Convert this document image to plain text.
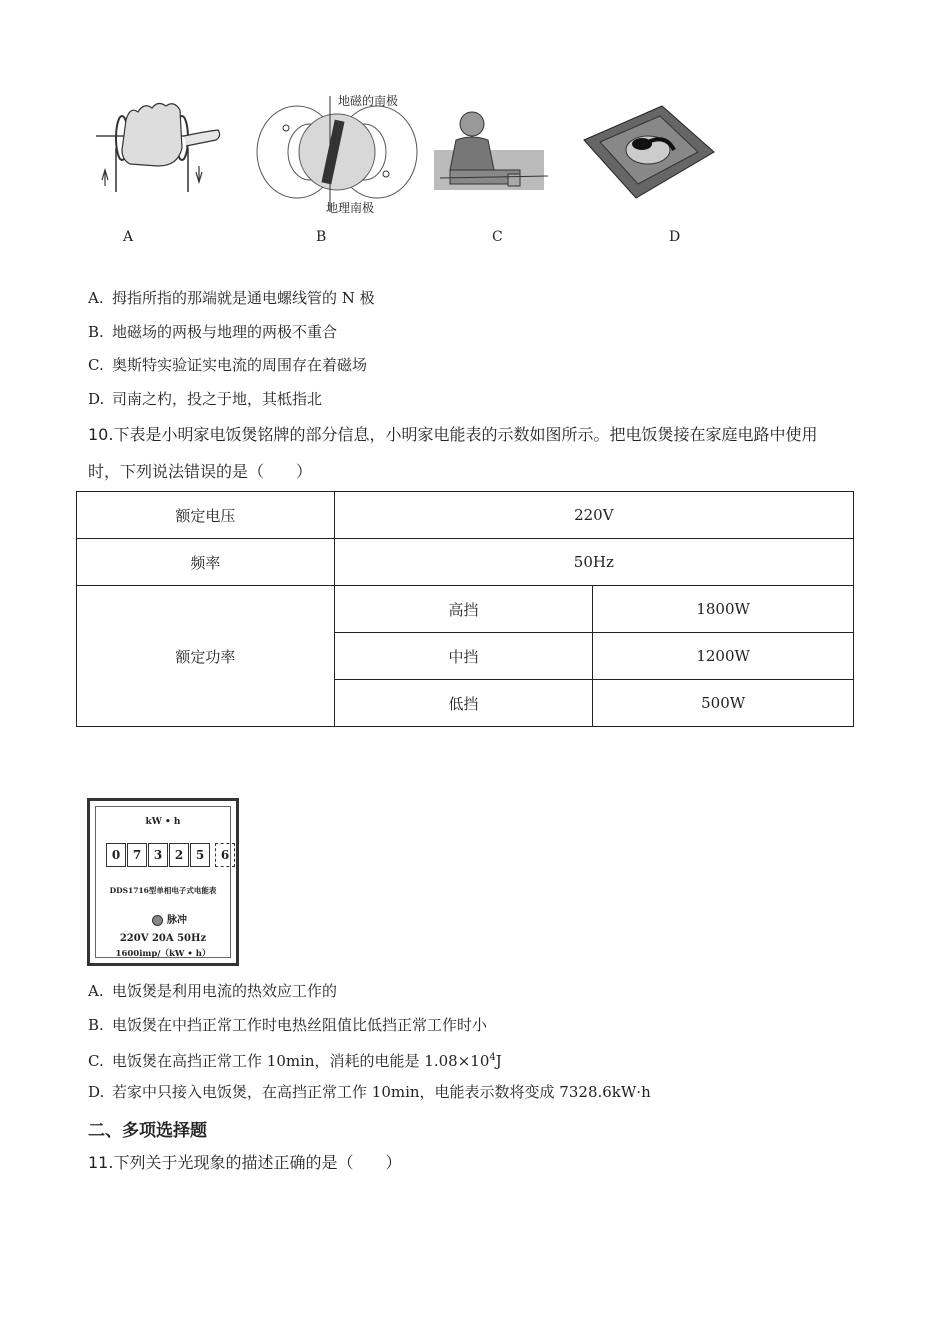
A
地磁的南极
地理南极
B	C	D
A. 拇指所指的那端就是通电螺线管的 N 极
B. 地磁场的两极与地理的两极不重合
C. 奥斯特实验证实电流的周围存在着磁场
D. 司南之杓，投之于地，其柢指北
10.下表是小明家电饭煲铭牌的部分信息，小明家电能表的示数如图所示。把电饭煲接在家庭电路中使用
时，下列说法错误的是（　　）
额定电压	220V	
频率	50Hz	
额定功率	高挡	1800W
	中挡	1200W
	低挡	500W
kW • h
0	7	3	2	5	6
DDS1716型单相电子式电能表
脉冲
220V 20A 50Hz
1600imp/（kW • h）
A. 电饭煲是利用电流的热效应工作的
B. 电饭煲在中挡正常工作时电热丝阻值比低挡正常工作时小
C. 电饭煲在高挡正常工作 10min，消耗的电能是 $1.08\times 10^4J$
D. 若家中只接入电饭煲，在高挡正常工作 10min，电能表示数将变成 7328.6kW·h
二、多项选择题
11.下列关于光现象的描述正确的是（　　）
